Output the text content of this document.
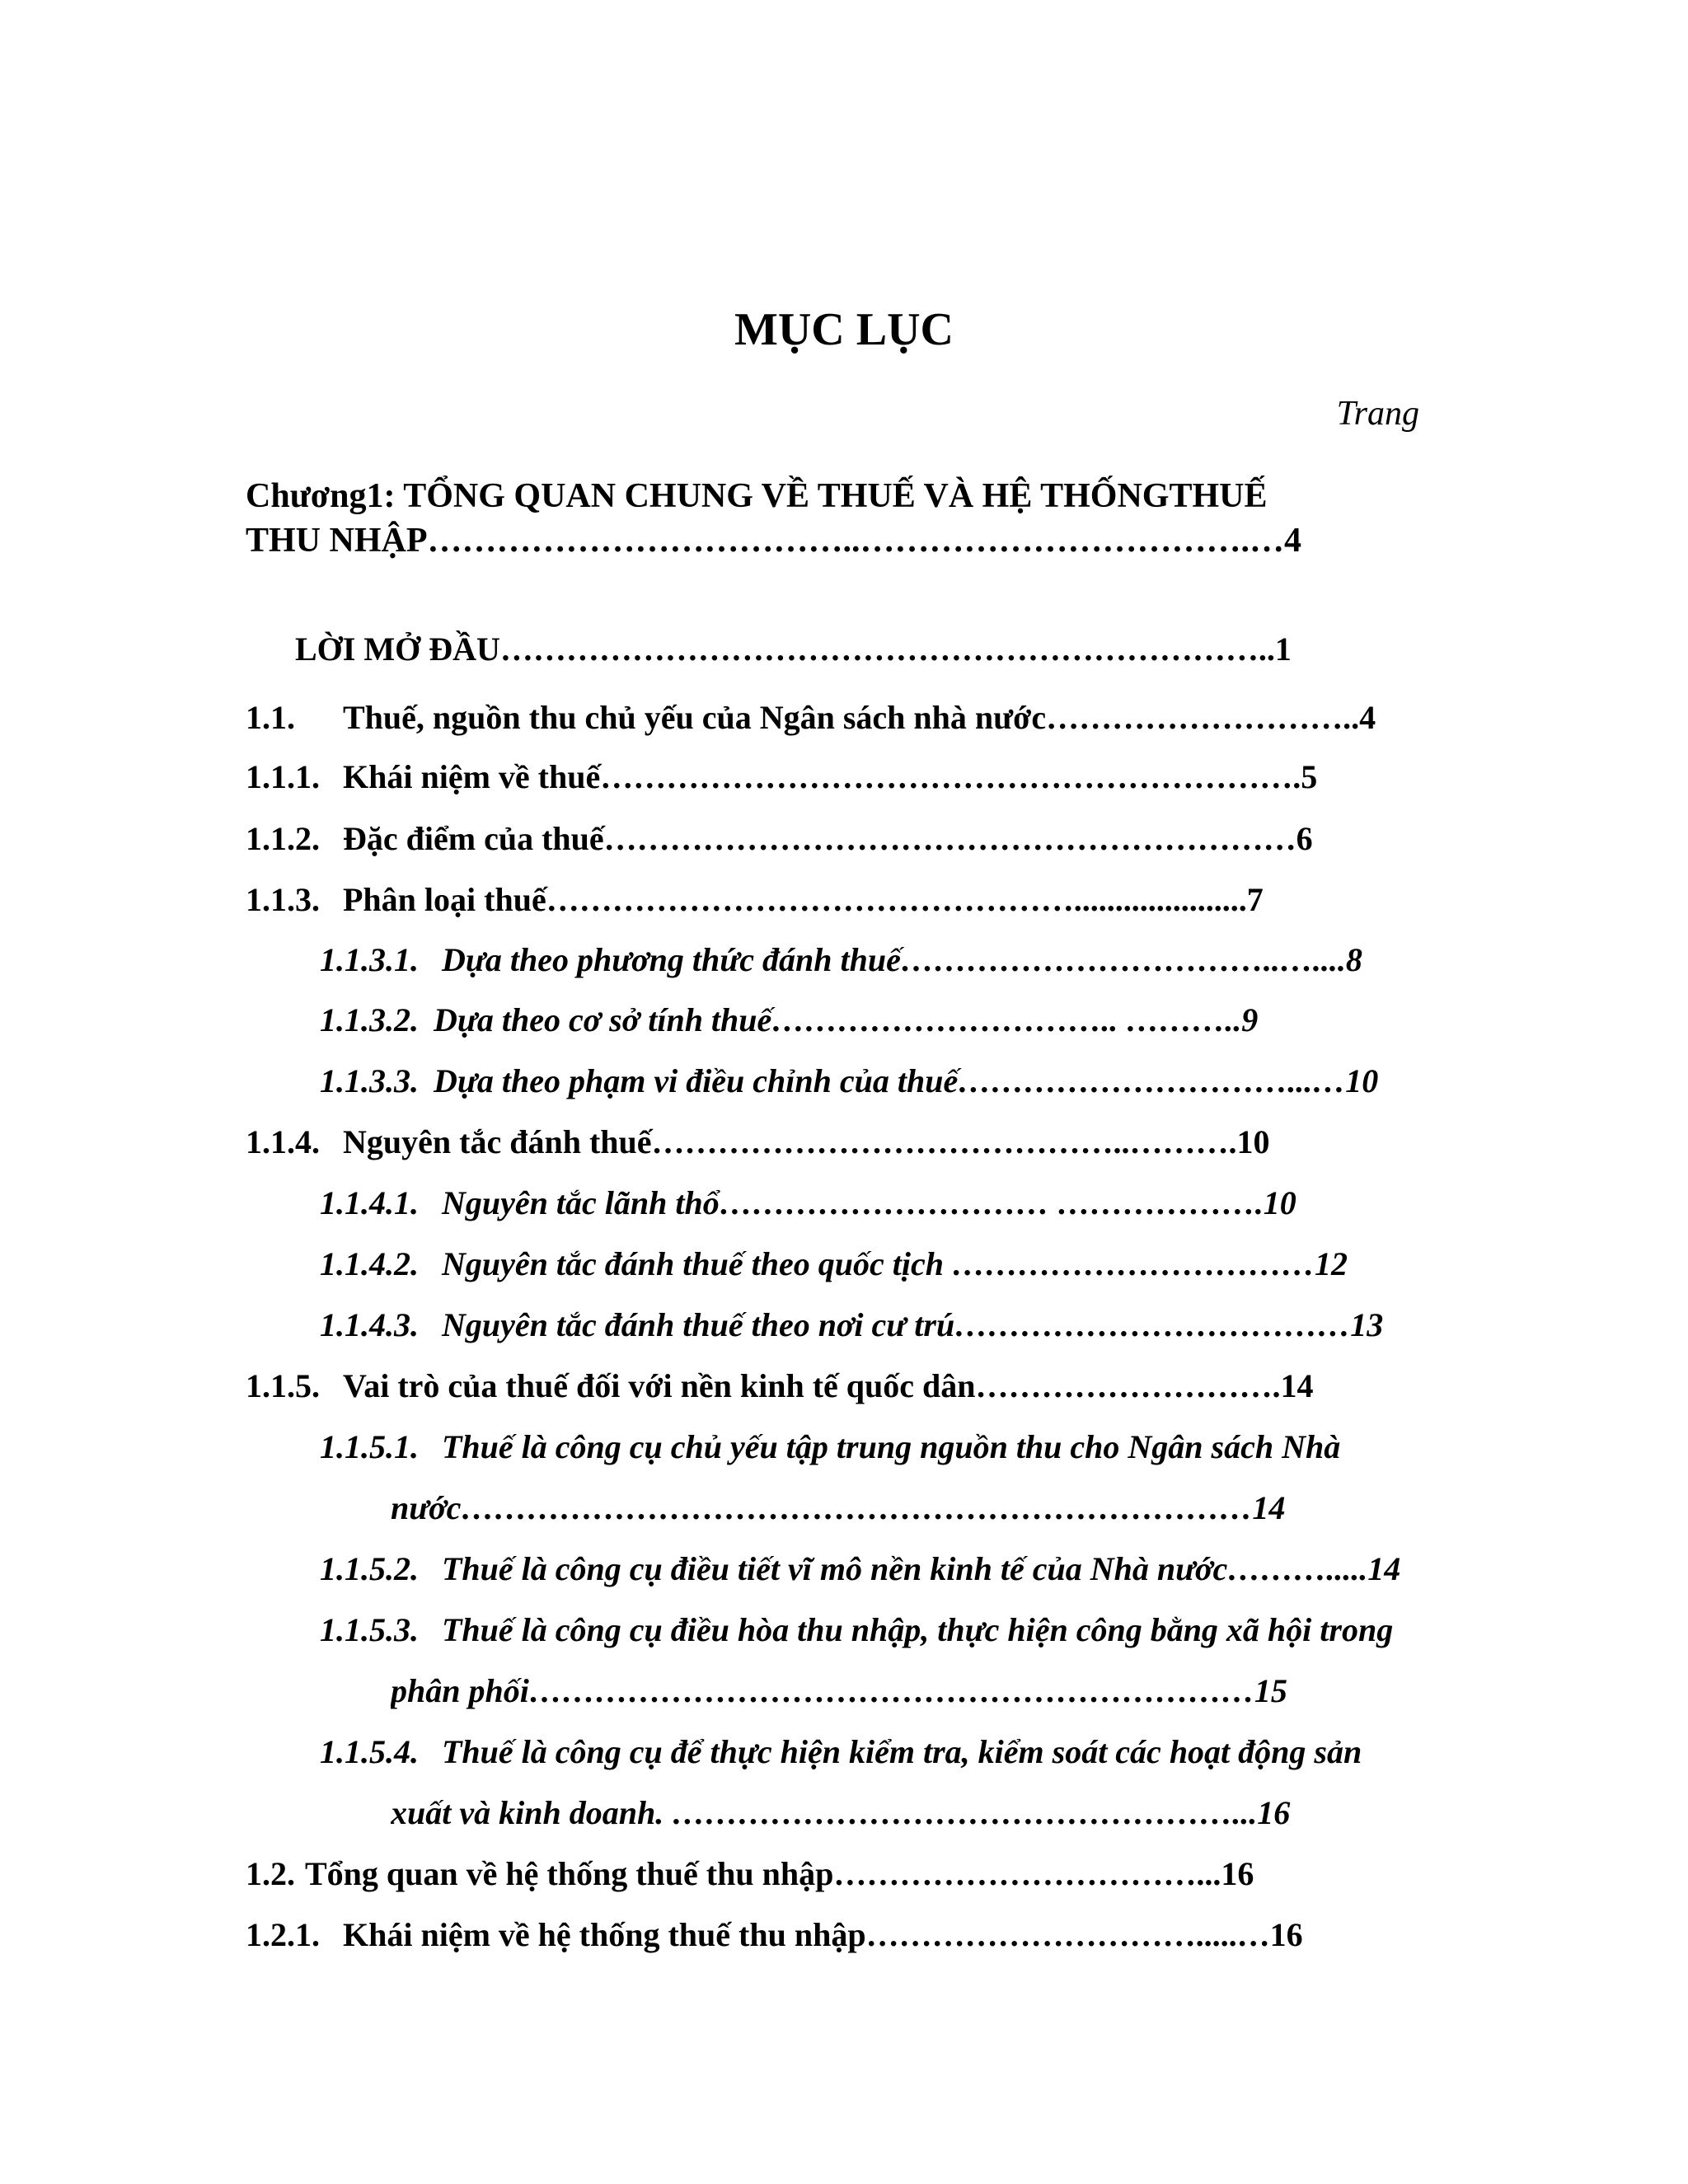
MỤC LỤC
Trang
Chương1: TỔNG QUAN CHUNG VỀ THUẾ VÀ HỆ THỐNGTHUẾ
THU NHẬP………………………………..…………………………….…4
LỜI MỞ ĐẦU……………………………………………………………..1
1.1. Thuế, nguồn thu chủ yếu của Ngân sách nhà nước………………………..4
1.1.1. Khái niệm về thuế……………………………………………………….5
1.1.2. Đặc điểm của thuế………………………………………………………6
1.1.3. Phân loại thuế………………………………………….....................7
1.1.3.1. Dựa theo phương thức đánh thuế……………………………..…....8
1.1.3.2. Dựa theo cơ sở tính thuế………………………….. ………..9
1.1.3.3. Dựa theo phạm vi điều chỉnh của thuế…………………………...…10
1.1.4. Nguyên tắc đánh thuế……………………………………..……….10
1.1.4.1. Nguyên tắc lãnh thổ………………………… ……………….10
1.1.4.2. Nguyên tắc đánh thuế theo quốc tịch ……………………………12
1.1.4.3. Nguyên tắc đánh thuế theo nơi cư trú………………………………13
1.1.5. Vai trò của thuế đối với nền kinh tế quốc dân……………………….14
1.1.5.1. Thuế là công cụ chủ yếu tập trung nguồn thu cho Ngân sách Nhà
nước………………………………………………………………14
1.1.5.2. Thuế là công cụ điều tiết vĩ mô nền kinh tế của Nhà nước……….....14
1.1.5.3. Thuế là công cụ điều hòa thu nhập, thực hiện công bằng xã hội trong
phân phối…………………………………………………………15
1.1.5.4. Thuế là công cụ để thực hiện kiểm tra, kiểm soát các hoạt động sản
xuất và kinh doanh. ……………………………………………...16
1.2. Tổng quan về hệ thống thuế thu nhập……………………………...16
1.2.1. Khái niệm về hệ thống thuế thu nhập………………………….....…16
